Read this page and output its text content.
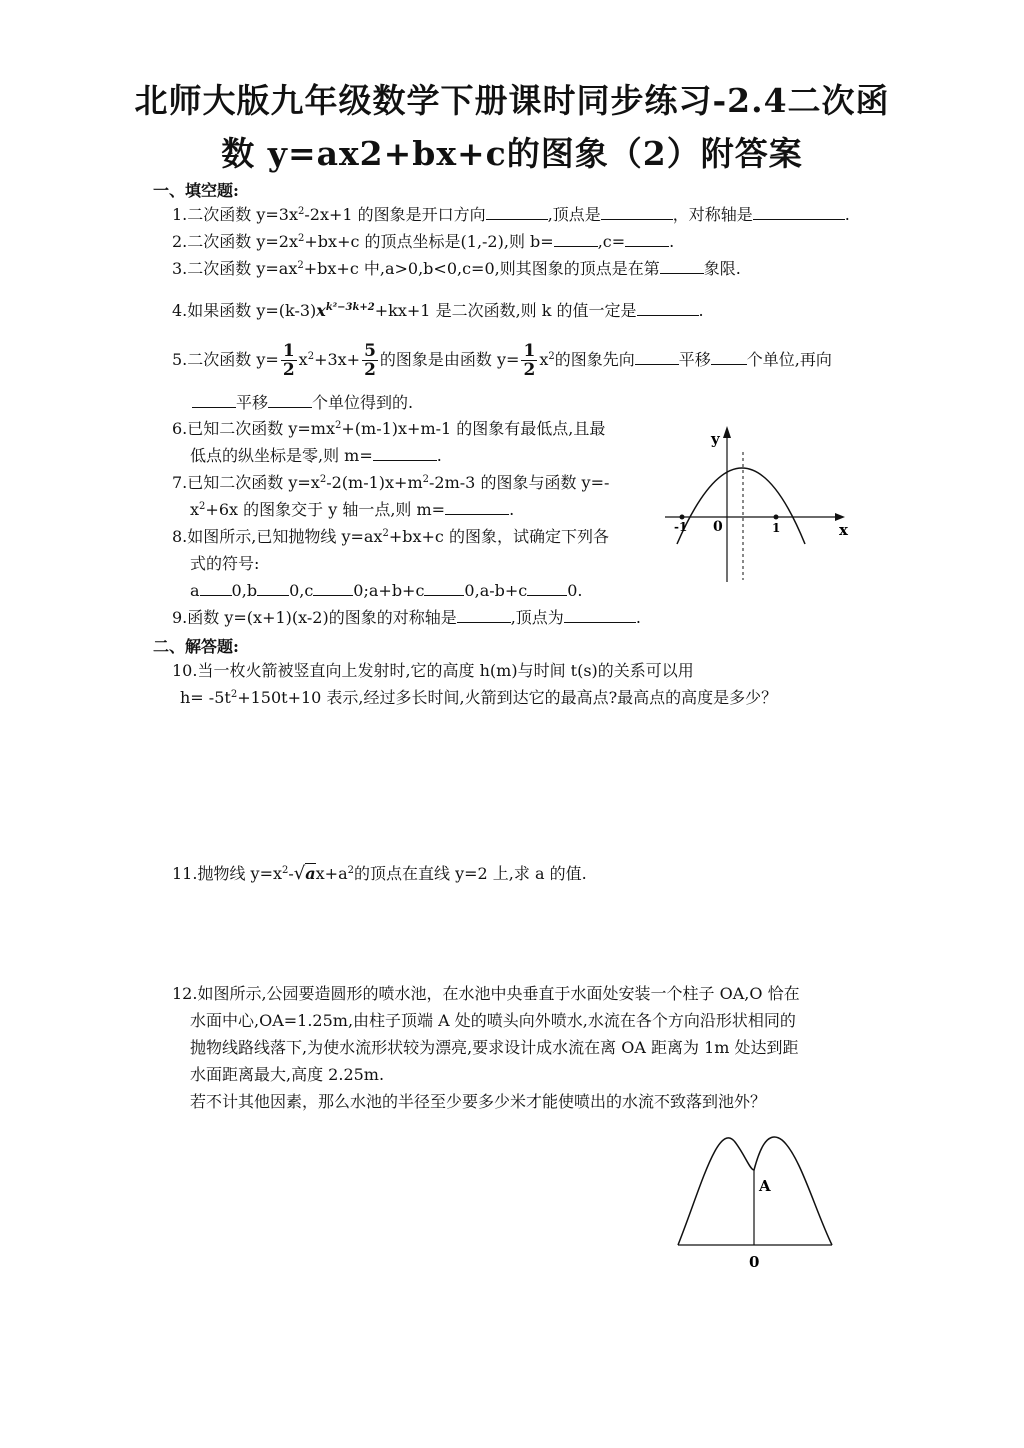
北师大版九年级数学下册课时同步练习-2.4二次函
数 y=ax2+bx+c的图象（2）附答案
一、填空题:
1.二次函数 $y=3x^2-2x+1$ 的图象是开口方向	,顶点是	，对称轴是	.
2.二次函数 $y=2x^2+bx+c$ 的顶点坐标是(1,-2),则 b=	,c=	.
3.二次函数 $y=ax^2+bx+c$ 中,a>0,b<0,c=0,则其图象的顶点是在第	象限.
4.如果函数 $y=(k-3)x^{k^2-3k+2}+kx+1$ 是二次函数,则 k 的值一定是	.
5.二次函数 $y= \frac{1}{2} x^2+3x+ \frac{5}{2}$ 的图象是由函数 $y= \frac{1}{2} x^2$的图象先向	平移 个单位,再向
平移	个单位得到的.
6.已知二次函数 $y=mx^2+(m-1)x+m-1$ 的图象有最低点,且最
低点的纵坐标是零,则 m=	.
7.已知二次函数 $y=x^2-2(m-1)x+m^2-2m-3$ 的图象与函数 y=-
$x^2+6x$ 的图象交于 y 轴一点,则 m=	.
8.如图所示,已知抛物线 $y=ax^2+bx+c$ 的图象，试确定下列各
式的符号:
a 0,b 0,c	0;a+b+c	0,a-b+c	0.
9.函数 y=(x+1)(x-2)的图象的对称轴是	,顶点为	.
二、解答题:
10.当一枚火箭被竖直向上发射时,它的高度 h(m)与时间 t(s)的关系可以用
$h= -5t^2+150t+10$ 表示,经过多长时间,火箭到达它的最高点?最高点的高度是多少？
11.抛物线 $y=x^2-√ax+a^2$的顶点在直线 y=2 上,求 a 的值.
12.如图所示,公园要造圆形的喷水池，在水池中央垂直于水面处安装一个柱子 OA,O 恰在
水面中心,OA=1.25m,由柱子顶端 A 处的喷头向外喷水,水流在各个方向沿形状相同的
抛物线路线落下,为使水流形状较为漂亮,要求设计成水流在离 OA 距离为 1m 处达到距
水面距离最大,高度 2.25m.
若不计其他因素，那么水池的半径至少要多少米才能使喷出的水流不致落到池外？
y
x
0
-1	1
A
0
